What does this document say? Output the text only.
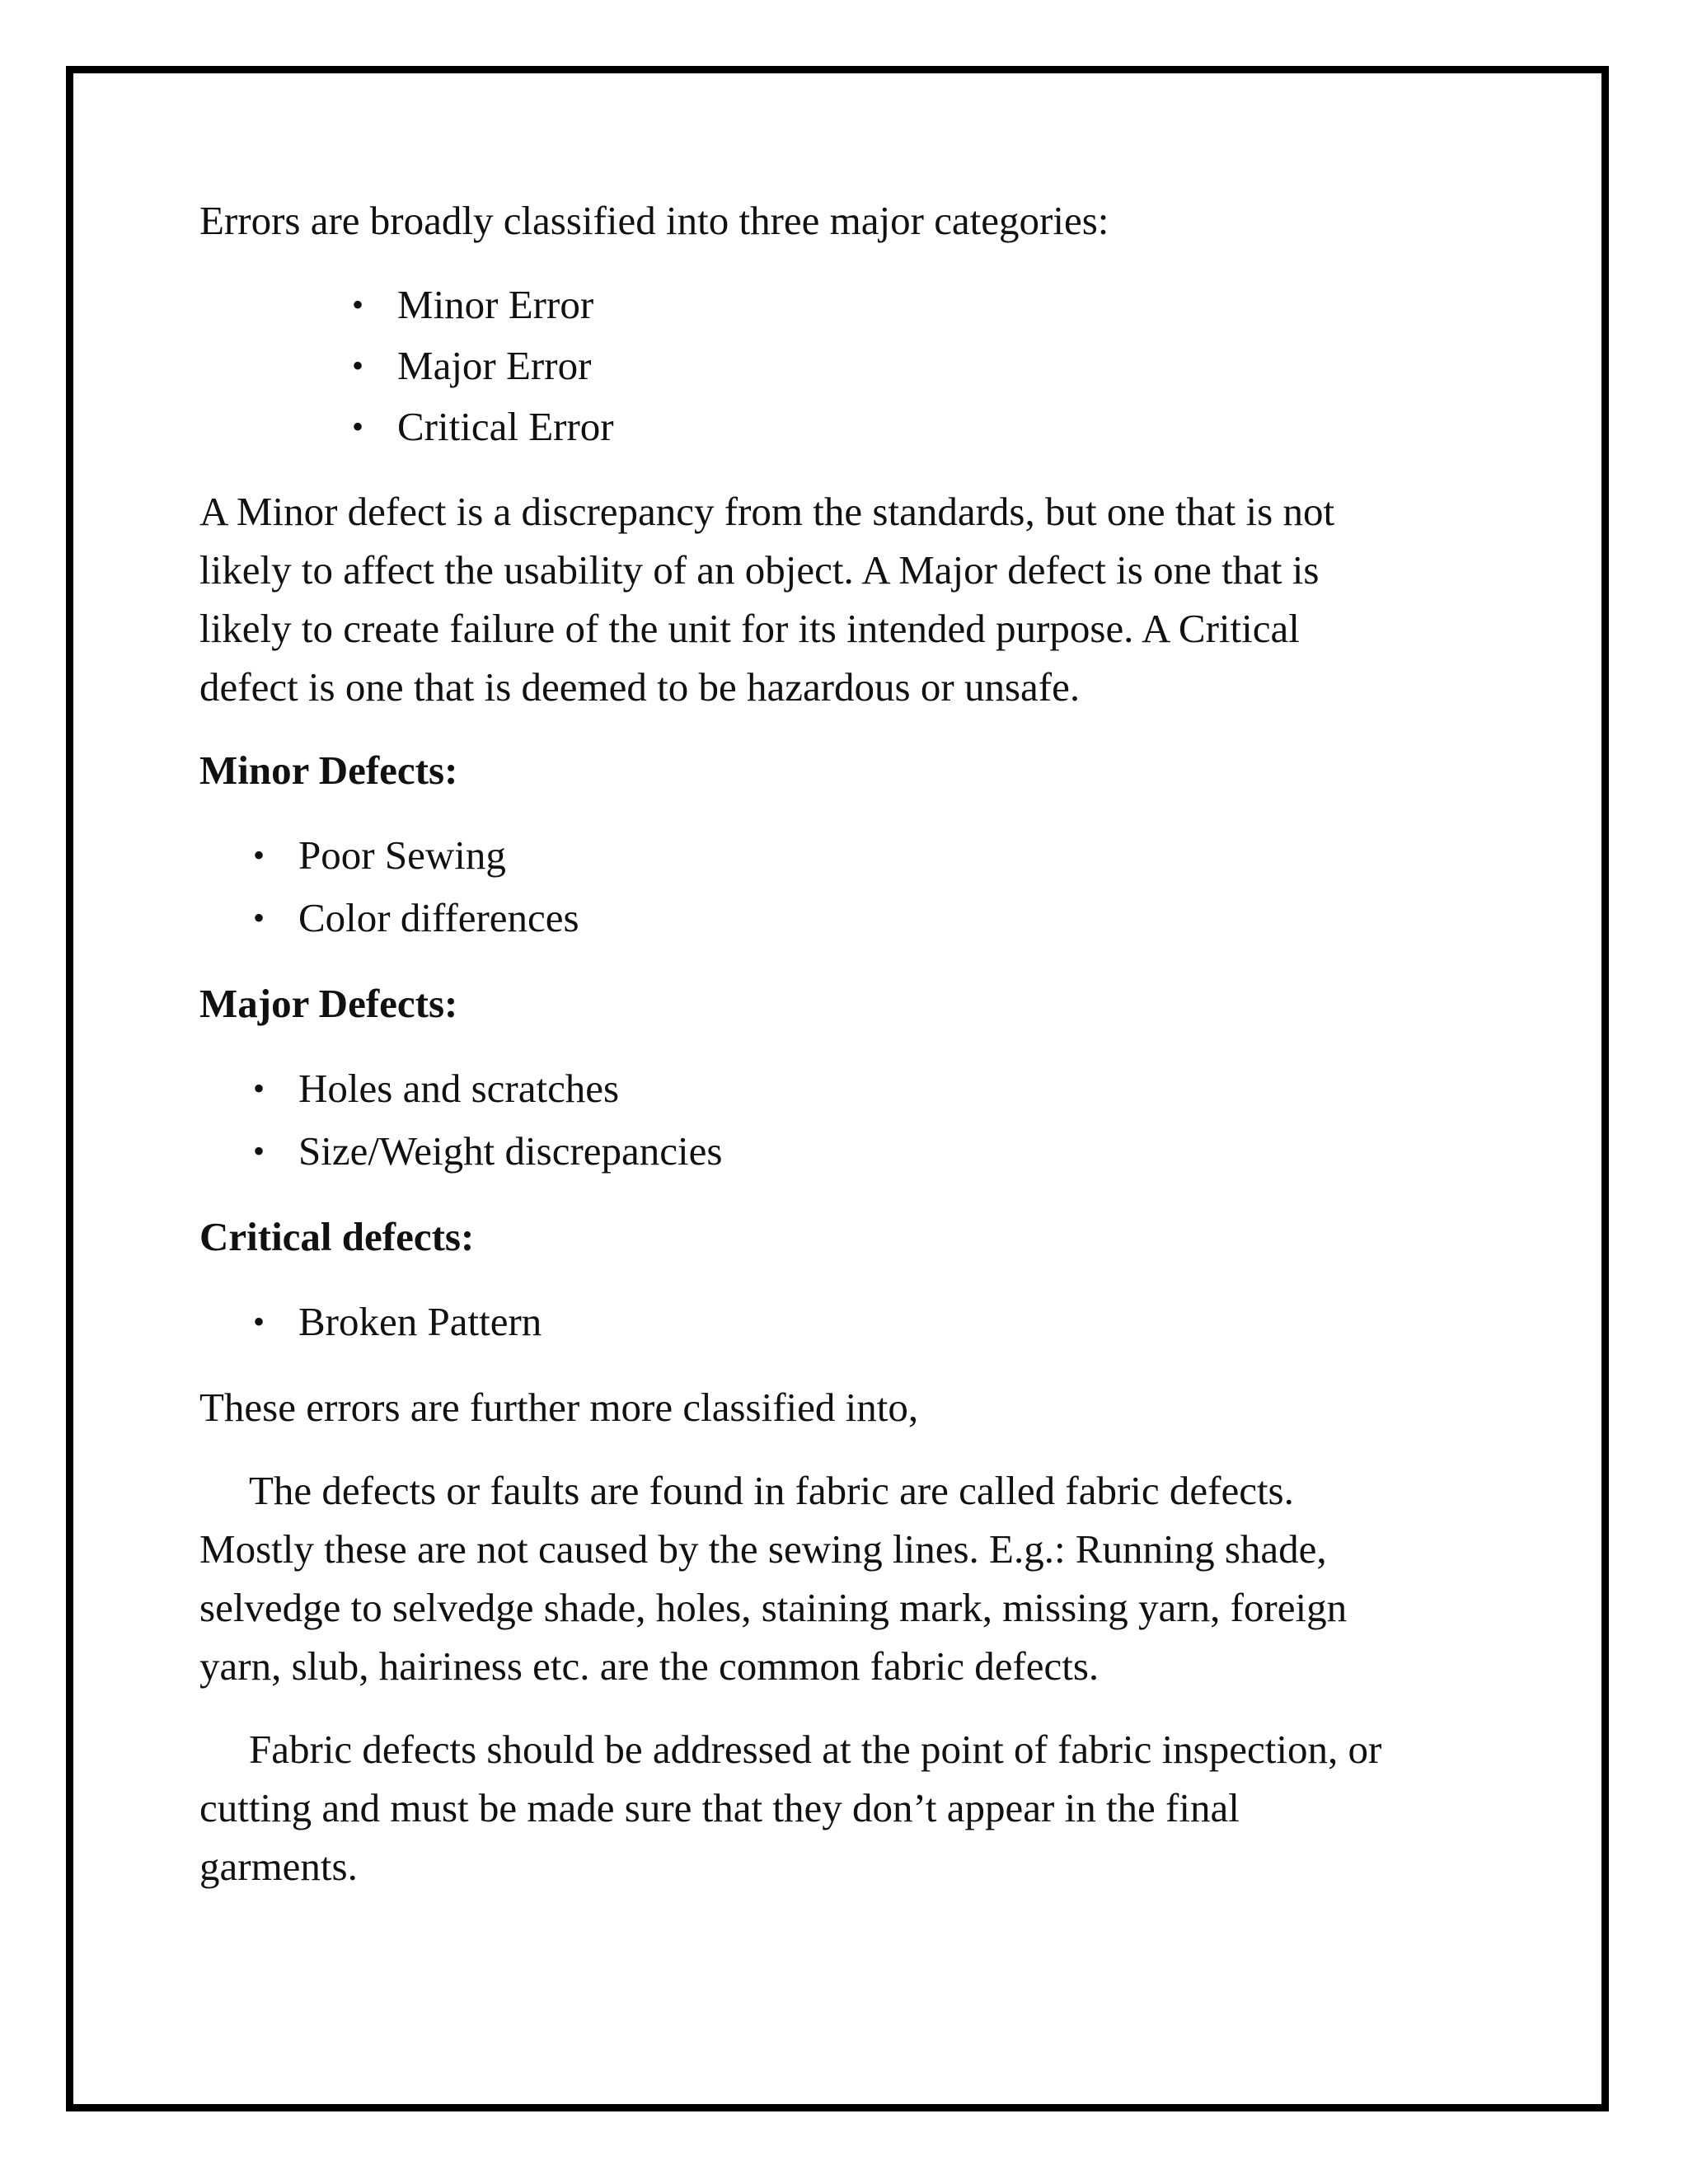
Errors are broadly classified into three major categories:

• Minor Error
• Major Error
• Critical Error
A Minor defect is a discrepancy from the standards, but one that is not
likely to affect the usability of an object. A Major defect is one that is
likely to create failure of the unit for its intended purpose. A Critical
defect is one that is deemed to be hazardous or unsafe.

Minor Defects:

• Poor Sewing
• Color differences

Major Defects:

• Holes and scratches
• Size/Weight discrepancies

Critical defects:

• Broken Pattern

These errors are further more classified into,

The defects or faults are found in fabric are called fabric defects.
Mostly these are not caused by the sewing lines. E.g.: Running shade,
selvedge to selvedge shade, holes, staining mark, missing yarn, foreign
yarn, slub, hairiness etc. are the common fabric defects.
Fabric defects should be addressed at the point of fabric inspection, or
cutting and must be made sure that they don’t appear in the final
garments.
